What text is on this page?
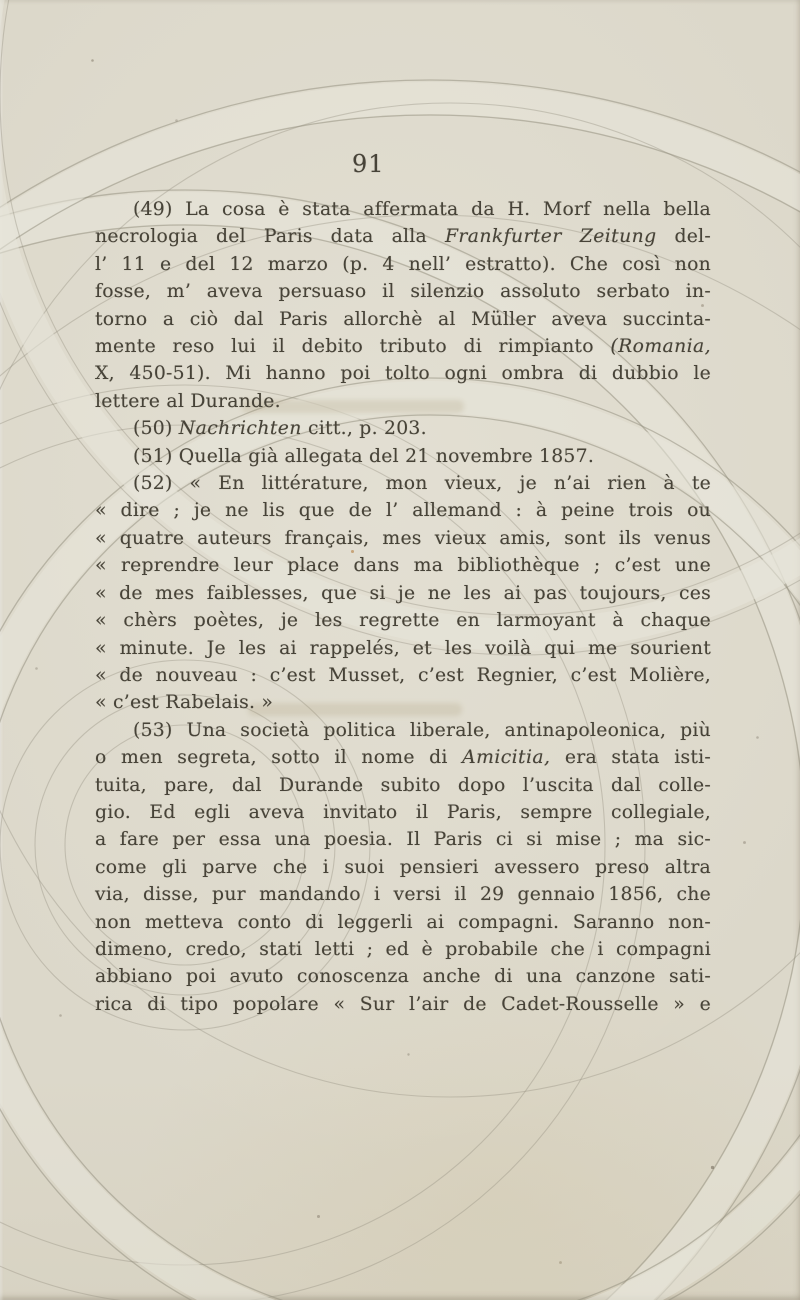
91
(49) La cosa è stata affermata da H. Morf nella bella
necrologia del Paris data alla Frankfurter Zeitung del-
l’ 11 e del 12 marzo (p. 4 nell’ estratto). Che così non
fosse, m’ aveva persuaso il silenzio assoluto serbato in-
torno a ciò dal Paris allorchè al Müller aveva succinta-
mente reso lui il debito tributo di rimpianto (Romania,
X, 450-51). Mi hanno poi tolto ogni ombra di dubbio le
lettere al Durande.
(50) Nachrichten citt., p. 203.
(51) Quella già allegata del 21 novembre 1857.
(52) « En littérature, mon vieux, je n’ai rien à te
« dire ; je ne lis que de l’ allemand : à peine trois ou
« quatre auteurs français, mes vieux amis, sont ils venus
« reprendre leur place dans ma bibliothèque ; c’est une
« de mes faiblesses, que si je ne les ai pas toujours, ces
« chèrs poètes, je les regrette en larmoyant à chaque
« minute. Je les ai rappelés, et les voilà qui me sourient
« de nouveau : c’est Musset, c’est Regnier, c’est Molière,
« c’est Rabelais. »
(53) Una società politica liberale, antinapoleonica, più
o men segreta, sotto il nome di Amicitia, era stata isti-
tuita, pare, dal Durande subito dopo l’uscita dal colle-
gio. Ed egli aveva invitato il Paris, sempre collegiale,
a fare per essa una poesia. Il Paris ci si mise ; ma sic-
come gli parve che i suoi pensieri avessero preso altra
via, disse, pur mandando i versi il 29 gennaio 1856, che
non metteva conto di leggerli ai compagni. Saranno non-
dimeno, credo, stati letti ; ed è probabile che i compagni
abbiano poi avuto conoscenza anche di una canzone sati-
rica di tipo popolare « Sur l’air de Cadet-Rousselle » e
